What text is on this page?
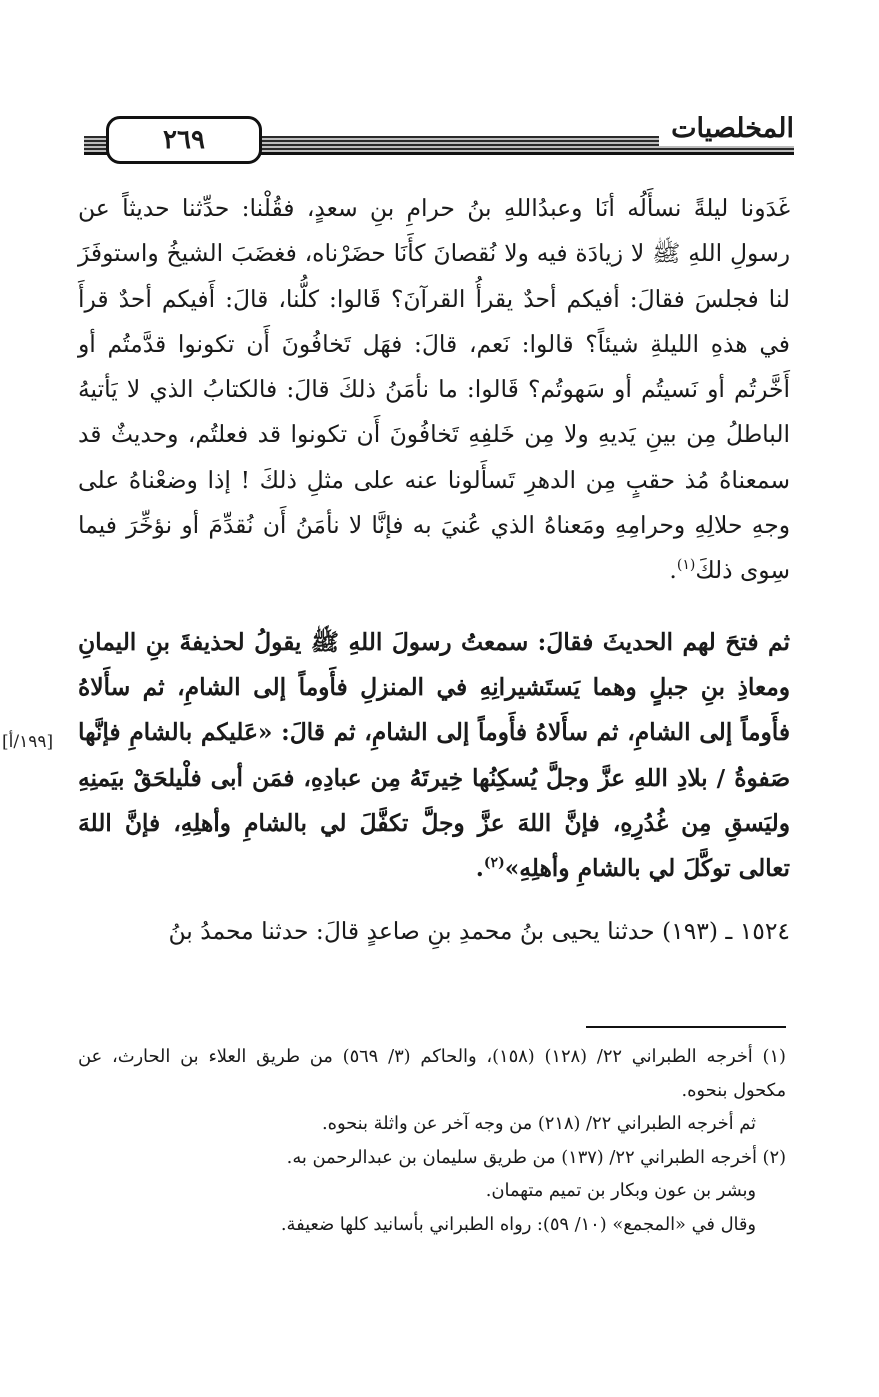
المخلصيات
٢٦٩
[١٩٩/أ]

غَدَونا ليلةً نسأَلُه أنَا وعبدُاللهِ بنُ حرامِ بنِ سعدٍ، فقُلْنا: حدِّثنا حديثاً عن رسولِ اللهِ ﷺ لا زيادَة فيه ولا نُقصانَ كأَنَا حضَرْناه، فغضَبَ الشيخُ واستوفَزَ لنا فجلسَ فقالَ: أفيكم أحدٌ يقرأُ القرآنَ؟ قَالوا: كلُّنا، قالَ: أَفيكم أحدٌ قرأَ في هذهِ الليلةِ شيئاً؟ قالوا: نَعم، قالَ: فهَل تَخافُونَ أَن تكونوا قدَّمتُم أو أَخَّرتُم أو نَسيتُم أو سَهوتُم؟ قَالوا: ما نأمَنُ ذلكَ قالَ: فالكتابُ الذي لا يَأتيهُ الباطلُ مِن بينِ يَديهِ ولا مِن خَلفِهِ تَخافُونَ أَن تكونوا قد فعلتُم، وحديثٌ قد سمعناهُ مُذ حقبٍ مِن الدهرِ تَسأَلونا عنه على مثلِ ذلكَ ! إذا وضعْناهُ على وجهِ حلالِهِ وحرامِهِ ومَعناهُ الذي عُنيَ به فإنَّا لا نأمَنُ أَن نُقدِّمَ أو نؤخِّرَ فيما سِوى ذلكَ$^{(١)}$.

ثم فتحَ لهم الحديثَ فقالَ: سمعتُ رسولَ اللهِ ﷺ يقولُ لحذيفةَ بنِ اليمانِ ومعاذِ بنِ جبلٍ وهما يَستَشيرانِهِ في المنزلِ فأَوماً إلى الشامِ، ثم سأَلاهُ فأَوماً إلى الشامِ، ثم سأَلاهُ فأَوماً إلى الشامِ، ثم قالَ: «عَليكم بالشامِ فإنَّها صَفوةُ / بلادِ اللهِ عزَّ وجلَّ يُسكِنُها خِيرتَهُ مِن عبادِهِ، فمَن أبى فلْيلحَقْ بيَمنِهِ وليَسقِ مِن غُدُرِهِ، فإنَّ اللهَ عزَّ وجلَّ تكفَّلَ لي بالشامِ وأهلِهِ، فإنَّ اللهَ تعالى توكَّلَ لي بالشامِ وأهلِهِ»$^{(٢)}$.

١٥٢٤ ـ (١٩٣) حدثنا يحيى بنُ محمدِ بنِ صاعدٍ قالَ: حدثنا محمدُ بنُ

(١) أخرجه الطبراني ٢٢/ (١٢٨) (١٥٨)، والحاكم (٣/ ٥٦٩) من طريق العلاء بن الحارث، عن مكحول بنحوه.

ثم أخرجه الطبراني ٢٢/ (٢١٨) من وجه آخر عن واثلة بنحوه.

(٢) أخرجه الطبراني ٢٢/ (١٣٧) من طريق سليمان بن عبدالرحمن به.

وبشر بن عون وبكار بن تميم متهمان.

وقال في «المجمع» (١٠/ ٥٩): رواه الطبراني بأسانيد كلها ضعيفة.
